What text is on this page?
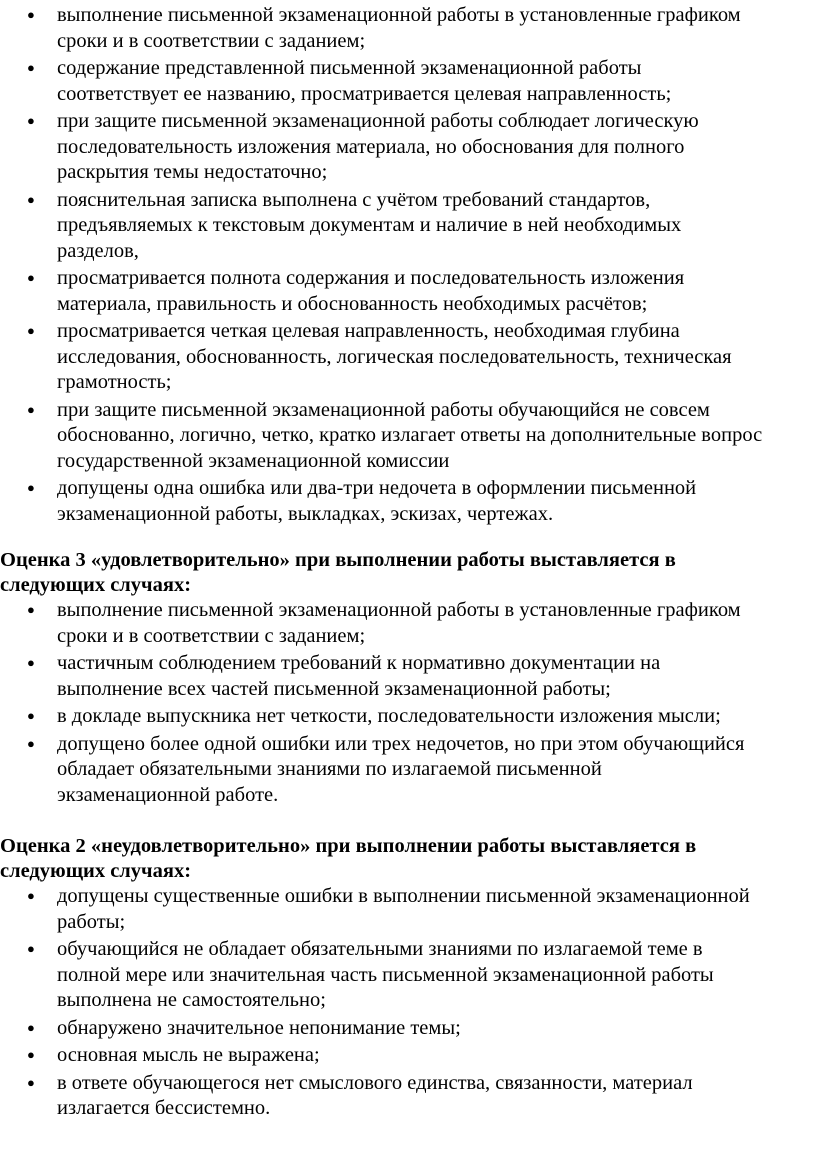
● выполнение письменной экзаменационной работы в установленные графиком
сроки и в соответствии с заданием;
● содержание представленной письменной экзаменационной работы
соответствует ее названию, просматривается целевая направленность;
● при защите письменной экзаменационной работы соблюдает логическую
последовательность изложения материала, но обоснования для полного
раскрытия темы недостаточно;
● пояснительная записка выполнена с учётом требований стандартов,
предъявляемых к текстовым документам и наличие в ней необходимых
разделов,
● просматривается полнота содержания и последовательность изложения
материала, правильность и обоснованность необходимых расчётов;
● просматривается четкая целевая направленность, необходимая глубина
исследования, обоснованность, логическая последовательность, техническая
грамотность;
● при защите письменной экзаменационной работы обучающийся не совсем
обоснованно, логично, четко, кратко излагает ответы на дополнительные вопрос
государственной экзаменационной комиссии
● допущены одна ошибка или два-три недочета в оформлении письменной
экзаменационной работы, выкладках, эскизах, чертежах.
Оценка 3 «удовлетворительно» при выполнении работы выставляется в
следующих случаях:
● выполнение письменной экзаменационной работы в установленные графиком
сроки и в соответствии с заданием;
● частичным соблюдением требований к нормативно документации на
выполнение всех частей письменной экзаменационной работы;
● в докладе выпускника нет четкости, последовательности изложения мысли;
● допущено более одной ошибки или трех недочетов, но при этом обучающийся
обладает обязательными знаниями по излагаемой письменной
экзаменационной работе.
Оценка 2 «неудовлетворительно» при выполнении работы выставляется в
следующих случаях:
● допущены существенные ошибки в выполнении письменной экзаменационной
работы;
● обучающийся не обладает обязательными знаниями по излагаемой теме в
полной мере или значительная часть письменной экзаменационной работы
выполнена не самостоятельно;
● обнаружено значительное непонимание темы;
● основная мысль не выражена;
● в ответе обучающегося нет смыслового единства, связанности, материал
излагается бессистемно.
